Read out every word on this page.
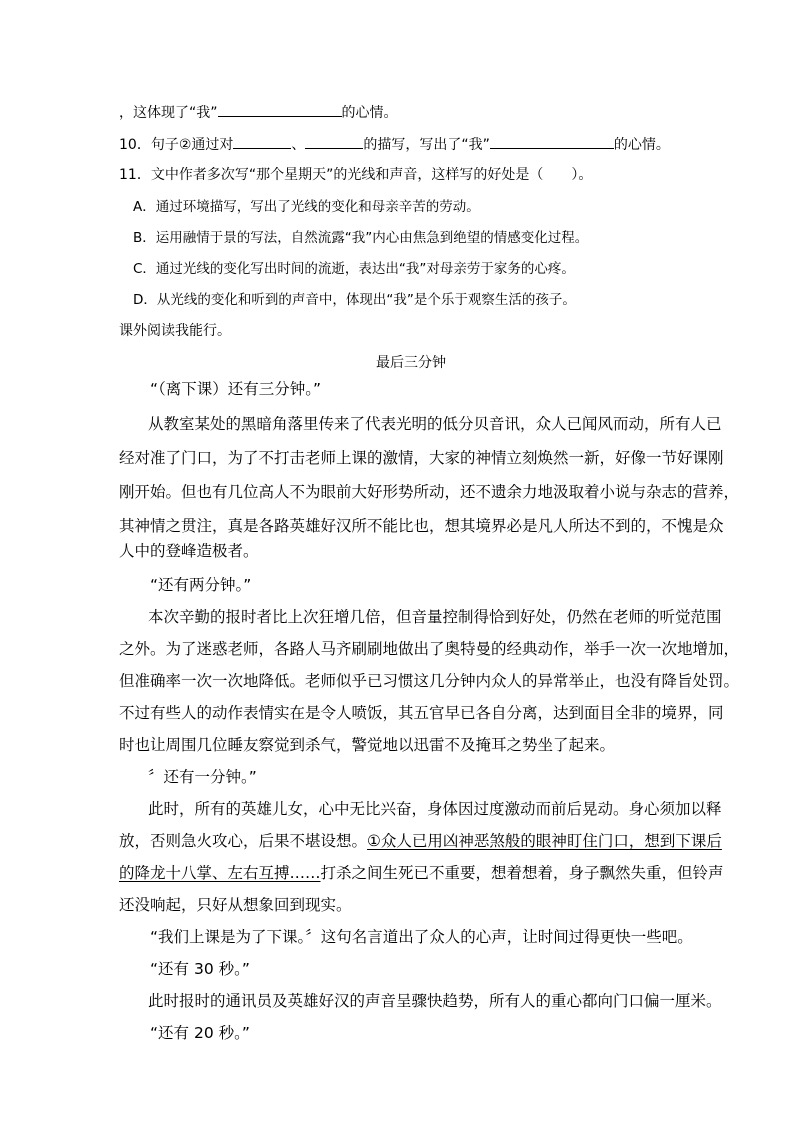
，这体现了“我”	的心情。
10．句子②通过对	、	的描写，写出了“我”	的心情。
11．文中作者多次写“那个星期天”的光线和声音，这样写的好处是（　　）。
A．通过环境描写，写出了光线的变化和母亲辛苦的劳动。
B．运用融情于景的写法，自然流露“我”内心由焦急到绝望的情感变化过程。
C．通过光线的变化写出时间的流逝，表达出“我”对母亲劳于家务的心疼。
D．从光线的变化和听到的声音中，体现出“我”是个乐于观察生活的孩子。
课外阅读我能行。
最后三分钟
“（离下课）还有三分钟。”
从教室某处的黑暗角落里传来了代表光明的低分贝音讯，众人已闻风而动，所有人已
经对准了门口，为了不打击老师上课的激情，大家的神情立刻焕然一新，好像一节好课刚
刚开始。但也有几位高人不为眼前大好形势所动，还不遗余力地汲取着小说与杂志的营养，
其神情之贯注，真是各路英雄好汉所不能比也，想其境界必是凡人所达不到的，不愧是众
人中的登峰造极者。
“还有两分钟。”
本次辛勤的报时者比上次狂增几倍，但音量控制得恰到好处，仍然在老师的听觉范围
之外。为了迷惑老师，各路人马齐刷刷地做出了奥特曼的经典动作，举手一次一次地增加，
但准确率一次一次地降低。老师似乎已习惯这几分钟内众人的异常举止，也没有降旨处罚。
不过有些人的动作表情实在是令人喷饭，其五官早已各自分离，达到面目全非的境界，同
时也让周围几位睡友察觉到杀气，警觉地以迅雷不及掩耳之势坐了起来。
〞还有一分钟。”
此时，所有的英雄儿女，心中无比兴奋，身体因过度激动而前后晃动。身心须加以释
放，否则急火攻心，后果不堪设想。①众人已用凶神恶煞般的眼神盯住门口，想到下课后
的降龙十八掌、左右互搏……打杀之间生死已不重要，想着想着，身子飘然失重，但铃声
还没响起，只好从想象回到现实。
“我们上课是为了下课。〞这句名言道出了众人的心声，让时间过得更快一些吧。
“还有 30 秒。”
此时报时的通讯员及英雄好汉的声音呈骤快趋势，所有人的重心都向门口偏一厘米。
“还有 20 秒。”
